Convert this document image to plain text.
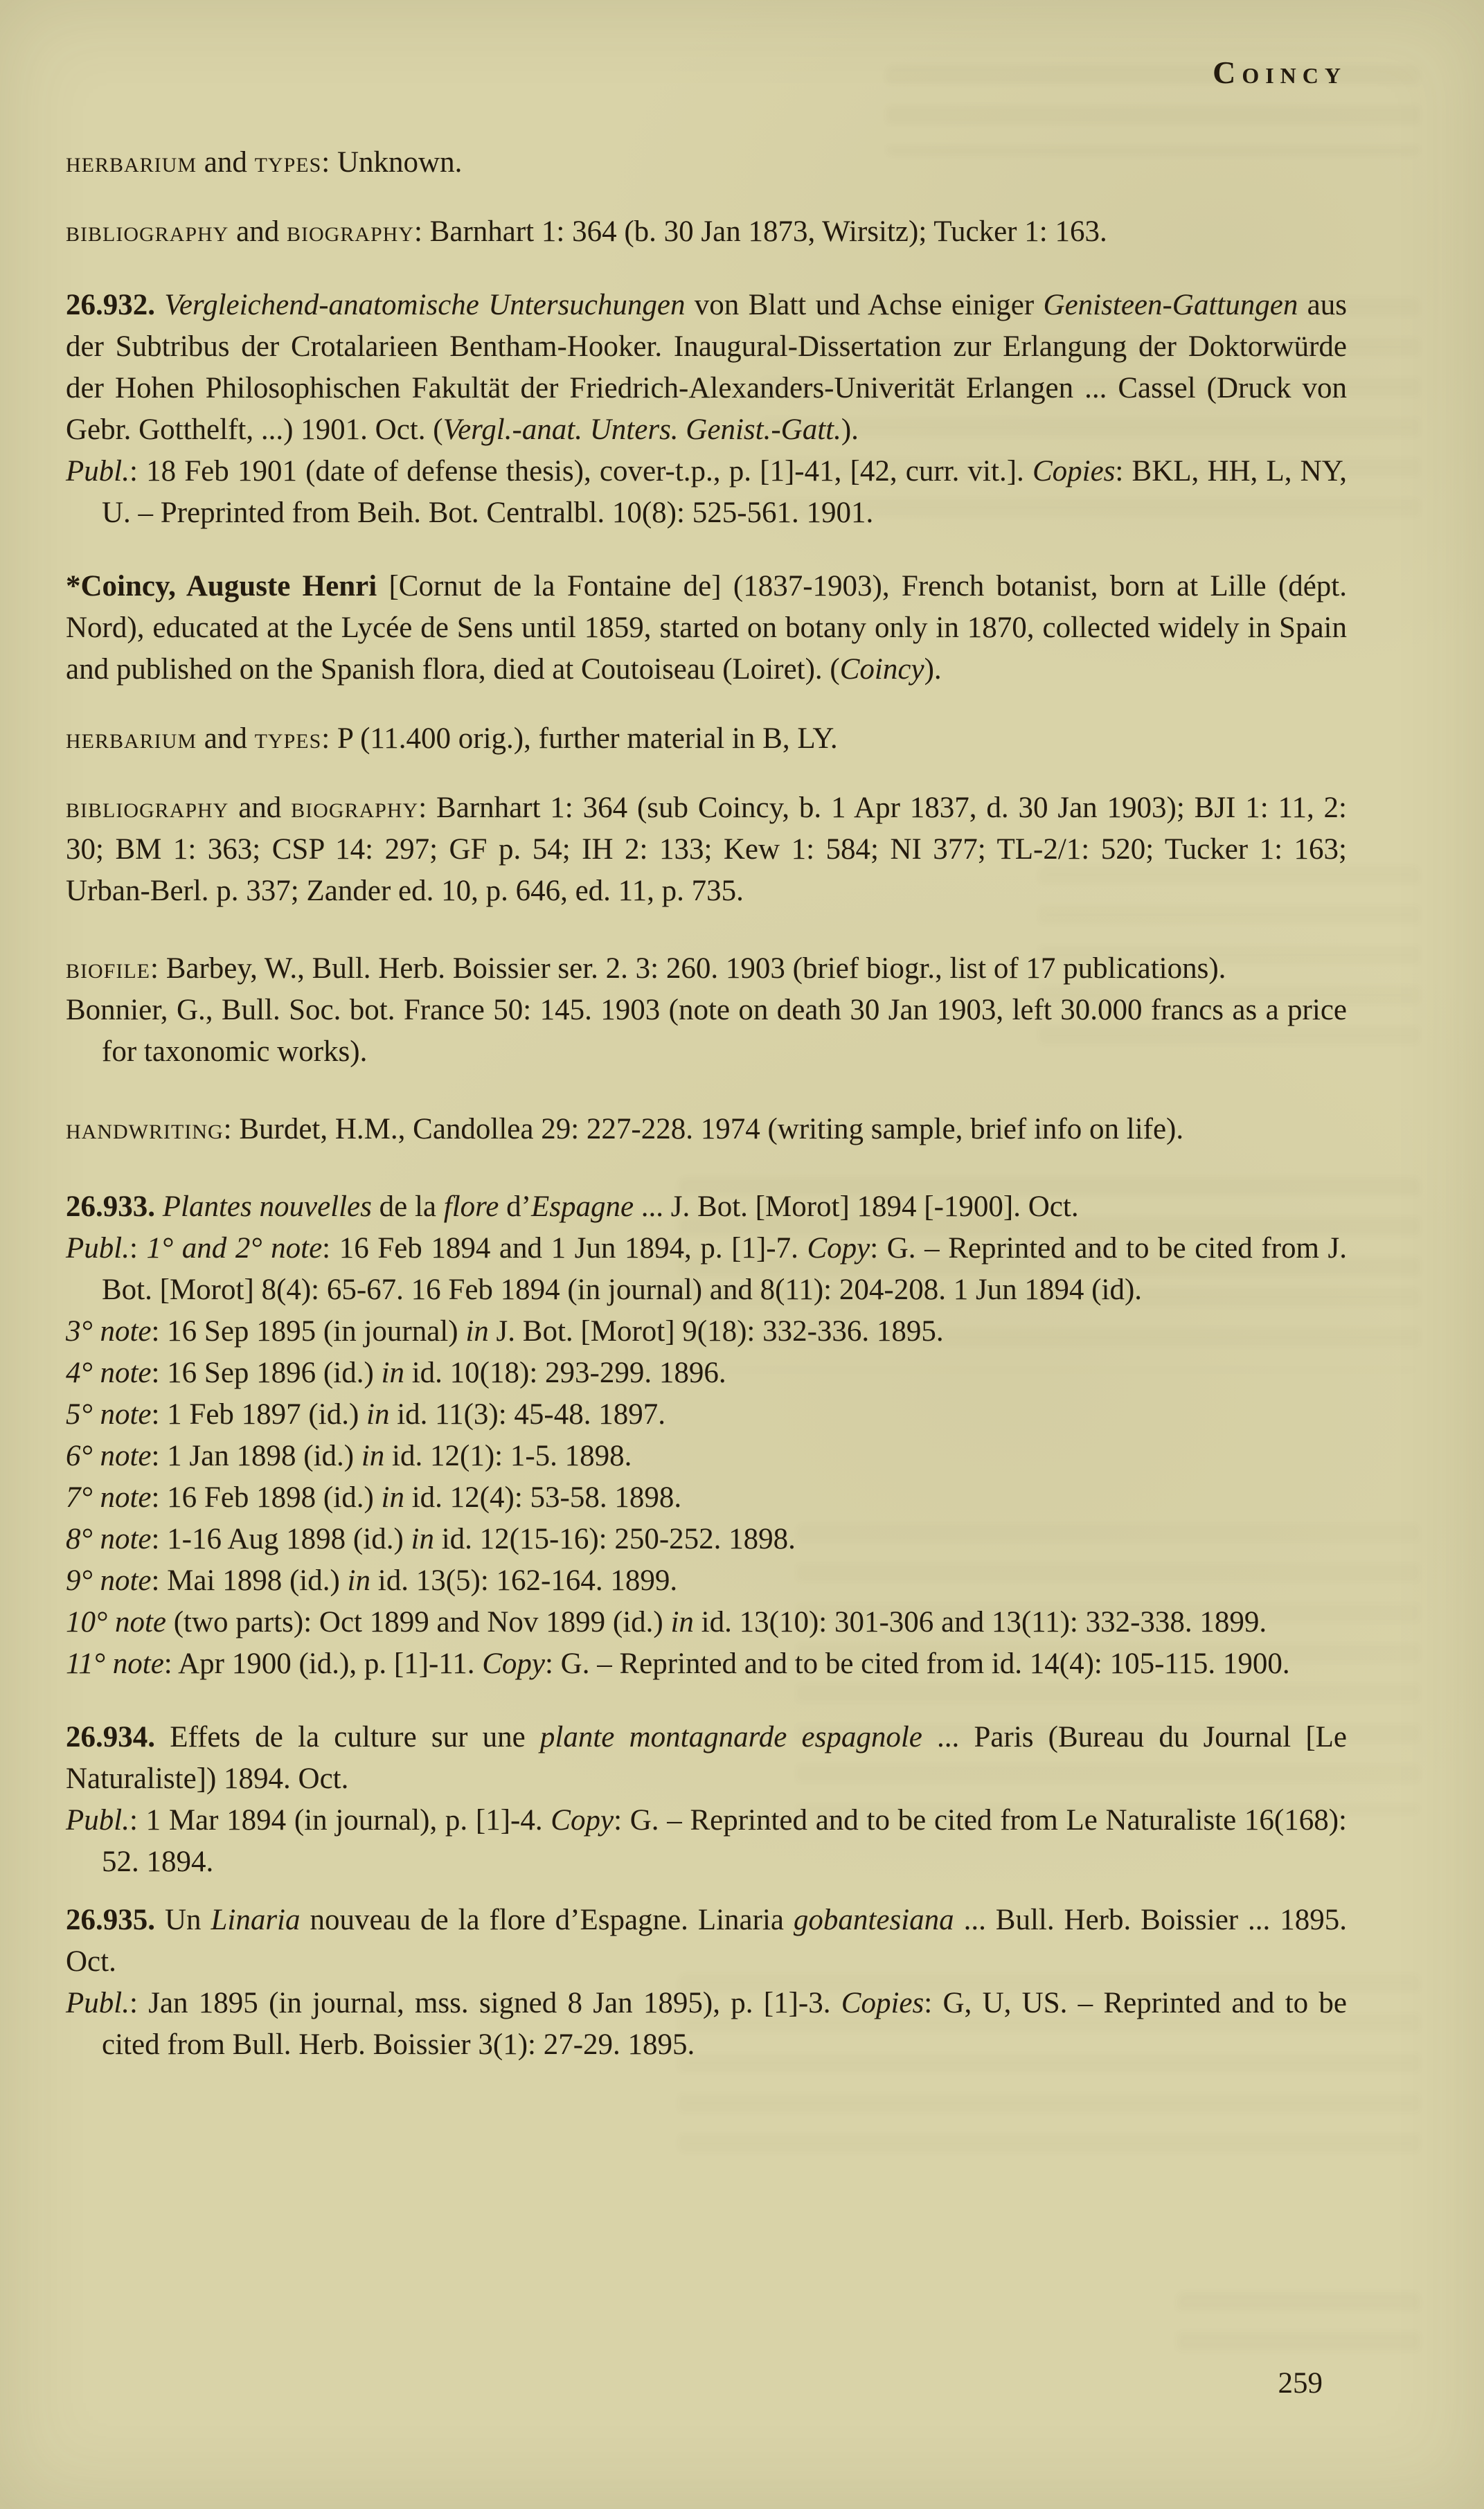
Coincy

herbarium and types: Unknown.

bibliography and biography: Barnhart 1: 364 (b. 30 Jan 1873, Wirsitz); Tucker 1: 163.

26.932. Vergleichend-anatomische Untersuchungen von Blatt und Achse einiger Genisteen-Gattungen aus der Subtribus der Crotalarieen Bentham-Hooker. Inaugural-Dissertation zur Erlangung der Doktorwürde der Hohen Philosophischen Fakultät der Friedrich-Alexanders-Univerität Erlangen ... Cassel (Druck von Gebr. Gotthelft, ...) 1901. Oct. (Vergl.-anat. Unters. Genist.-Gatt.).

Publ.: 18 Feb 1901 (date of defense thesis), cover-t.p., p. [1]-41, [42, curr. vit.]. Copies: BKL, HH, L, NY, U. – Preprinted from Beih. Bot. Centralbl. 10(8): 525-561. 1901.

*Coincy, Auguste Henri [Cornut de la Fontaine de] (1837-1903), French botanist, born at Lille (dépt. Nord), educated at the Lycée de Sens until 1859, started on botany only in 1870, collected widely in Spain and published on the Spanish flora, died at Coutoiseau (Loiret). (Coincy).

herbarium and types: P (11.400 orig.), further material in B, LY.

bibliography and biography: Barnhart 1: 364 (sub Coincy, b. 1 Apr 1837, d. 30 Jan 1903); BJI 1: 11, 2: 30; BM 1: 363; CSP 14: 297; GF p. 54; IH 2: 133; Kew 1: 584; NI 377; TL-2/1: 520; Tucker 1: 163; Urban-Berl. p. 337; Zander ed. 10, p. 646, ed. 11, p. 735.

biofile: Barbey, W., Bull. Herb. Boissier ser. 2. 3: 260. 1903 (brief biogr., list of 17 publications).

Bonnier, G., Bull. Soc. bot. France 50: 145. 1903 (note on death 30 Jan 1903, left 30.000 francs as a price for taxonomic works).

handwriting: Burdet, H.M., Candollea 29: 227-228. 1974 (writing sample, brief info on life).

26.933. Plantes nouvelles de la flore d’Espagne ... J. Bot. [Morot] 1894 [-1900]. Oct.

Publ.: 1° and 2° note: 16 Feb 1894 and 1 Jun 1894, p. [1]-7. Copy: G. – Reprinted and to be cited from J. Bot. [Morot] 8(4): 65-67. 16 Feb 1894 (in journal) and 8(11): 204-208. 1 Jun 1894 (id).

3° note: 16 Sep 1895 (in journal) in J. Bot. [Morot] 9(18): 332-336. 1895.

4° note: 16 Sep 1896 (id.) in id. 10(18): 293-299. 1896.

5° note: 1 Feb 1897 (id.) in id. 11(3): 45-48. 1897.

6° note: 1 Jan 1898 (id.) in id. 12(1): 1-5. 1898.

7° note: 16 Feb 1898 (id.) in id. 12(4): 53-58. 1898.

8° note: 1-16 Aug 1898 (id.) in id. 12(15-16): 250-252. 1898.

9° note: Mai 1898 (id.) in id. 13(5): 162-164. 1899.

10° note (two parts): Oct 1899 and Nov 1899 (id.) in id. 13(10): 301-306 and 13(11): 332-338. 1899.

11° note: Apr 1900 (id.), p. [1]-11. Copy: G. – Reprinted and to be cited from id. 14(4): 105-115. 1900.

26.934. Effets de la culture sur une plante montagnarde espagnole ... Paris (Bureau du Journal [Le Naturaliste]) 1894. Oct.

Publ.: 1 Mar 1894 (in journal), p. [1]-4. Copy: G. – Reprinted and to be cited from Le Naturaliste 16(168): 52. 1894.

26.935. Un Linaria nouveau de la flore d’Espagne. Linaria gobantesiana ... Bull. Herb. Boissier ... 1895. Oct.

Publ.: Jan 1895 (in journal, mss. signed 8 Jan 1895), p. [1]-3. Copies: G, U, US. – Reprinted and to be cited from Bull. Herb. Boissier 3(1): 27-29. 1895.

259
